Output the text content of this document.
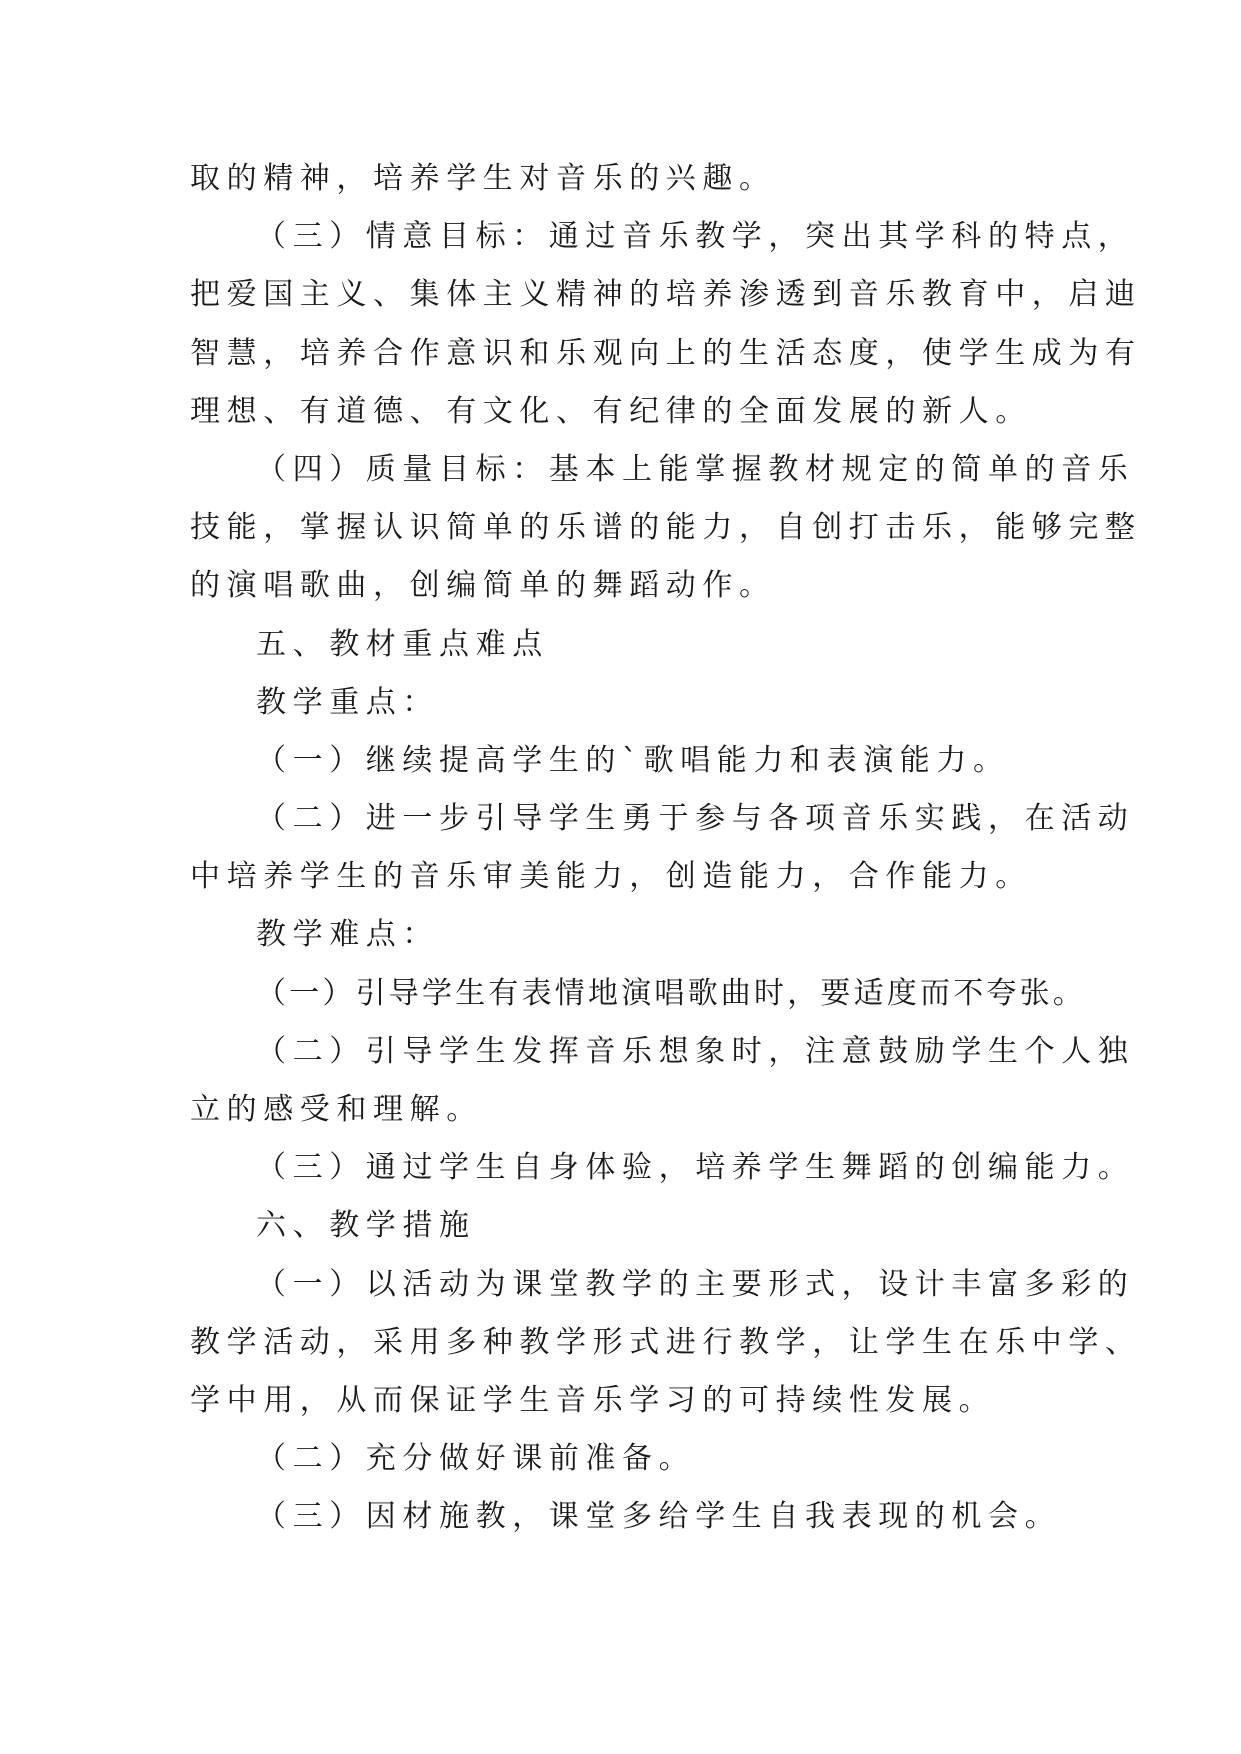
取的精神，培养学生对音乐的兴趣。
（三）情意目标：通过音乐教学，突出其学科的特点，
把爱国主义、集体主义精神的培养渗透到音乐教育中，启迪
智慧，培养合作意识和乐观向上的生活态度，使学生成为有
理想、有道德、有文化、有纪律的全面发展的新人。
（四）质量目标：基本上能掌握教材规定的简单的音乐
技能，掌握认识简单的乐谱的能力，自创打击乐，能够完整
的演唱歌曲，创编简单的舞蹈动作。
五、教材重点难点
教学重点：
（一）继续提高学生的`歌唱能力和表演能力。
（二）进一步引导学生勇于参与各项音乐实践，在活动
中培养学生的音乐审美能力，创造能力，合作能力。
教学难点：
（一）引导学生有表情地演唱歌曲时，要适度而不夸张。
（二）引导学生发挥音乐想象时，注意鼓励学生个人独
立的感受和理解。
（三）通过学生自身体验，培养学生舞蹈的创编能力。
六、教学措施
（一）以活动为课堂教学的主要形式，设计丰富多彩的
教学活动，采用多种教学形式进行教学，让学生在乐中学、
学中用，从而保证学生音乐学习的可持续性发展。
（二）充分做好课前准备。
（三）因材施教，课堂多给学生自我表现的机会。
